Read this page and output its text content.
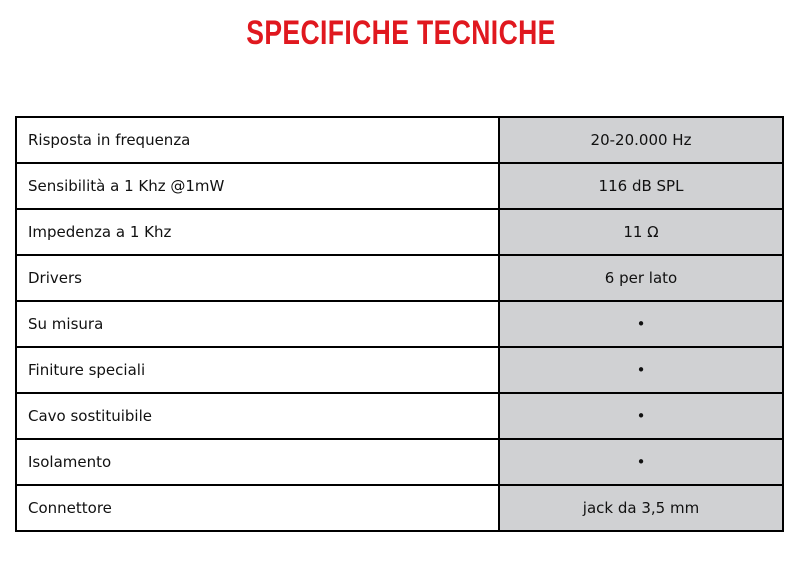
SPECIFICHE TECNICHE
Risposta in frequenza	20-20.000 Hz
Sensibilità a 1 Khz @1mW	116 dB SPL
Impedenza a 1 Khz	11 Ω
Drivers	6 per lato
Su misura	•
Finiture speciali	•
Cavo sostituibile	•
Isolamento	•
Connettore	jack da 3,5 mm
